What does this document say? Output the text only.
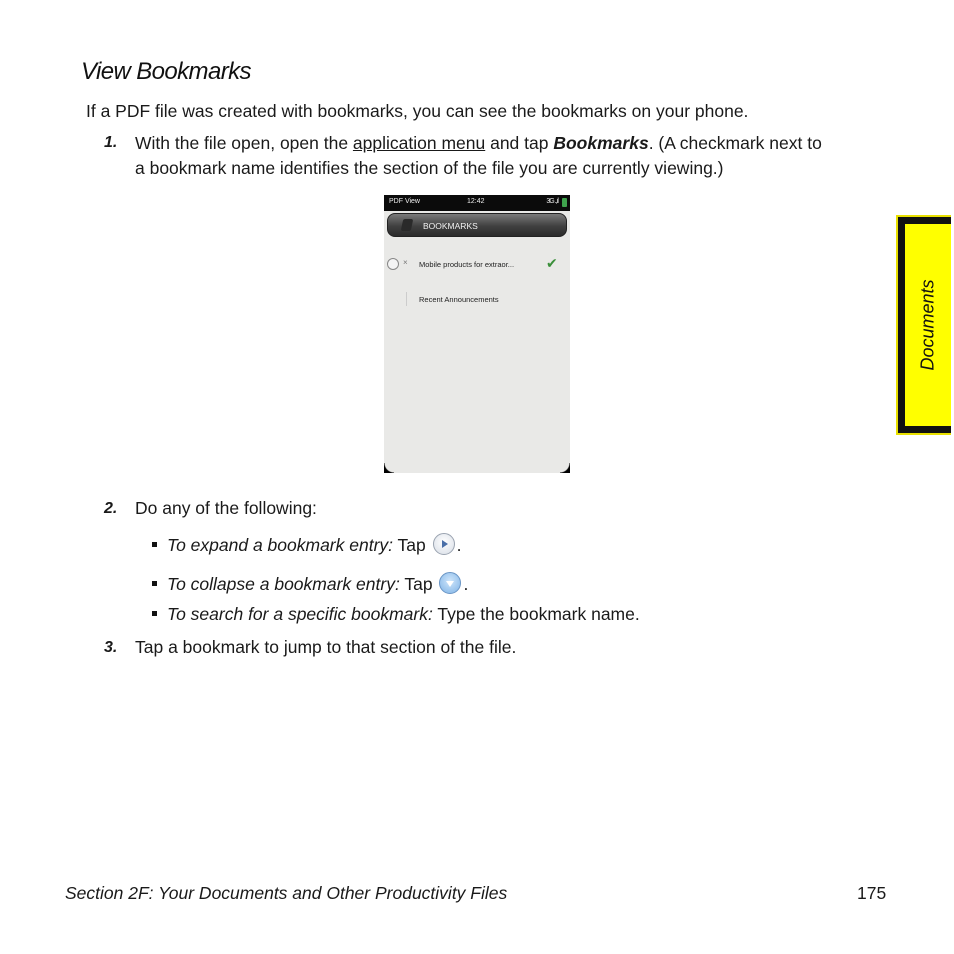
View Bookmarks
If a PDF file was created with bookmarks, you can see the bookmarks on your phone.
1. With the file open, open the application menu and tap Bookmarks. (A checkmark next to
a bookmark name identifies the section of the file you are currently viewing.)
PDF View	12:42	3G .,ıl
BOOKMARKS
× Mobile products for extraor... ✔
Recent Announcements
2. Do any of the following:
To expand a bookmark entry: Tap .
To collapse a bookmark entry: Tap .
To search for a specific bookmark: Type the bookmark name.
3. Tap a bookmark to jump to that section of the file.
Documents
Section 2F: Your Documents and Other Productivity Files	175
